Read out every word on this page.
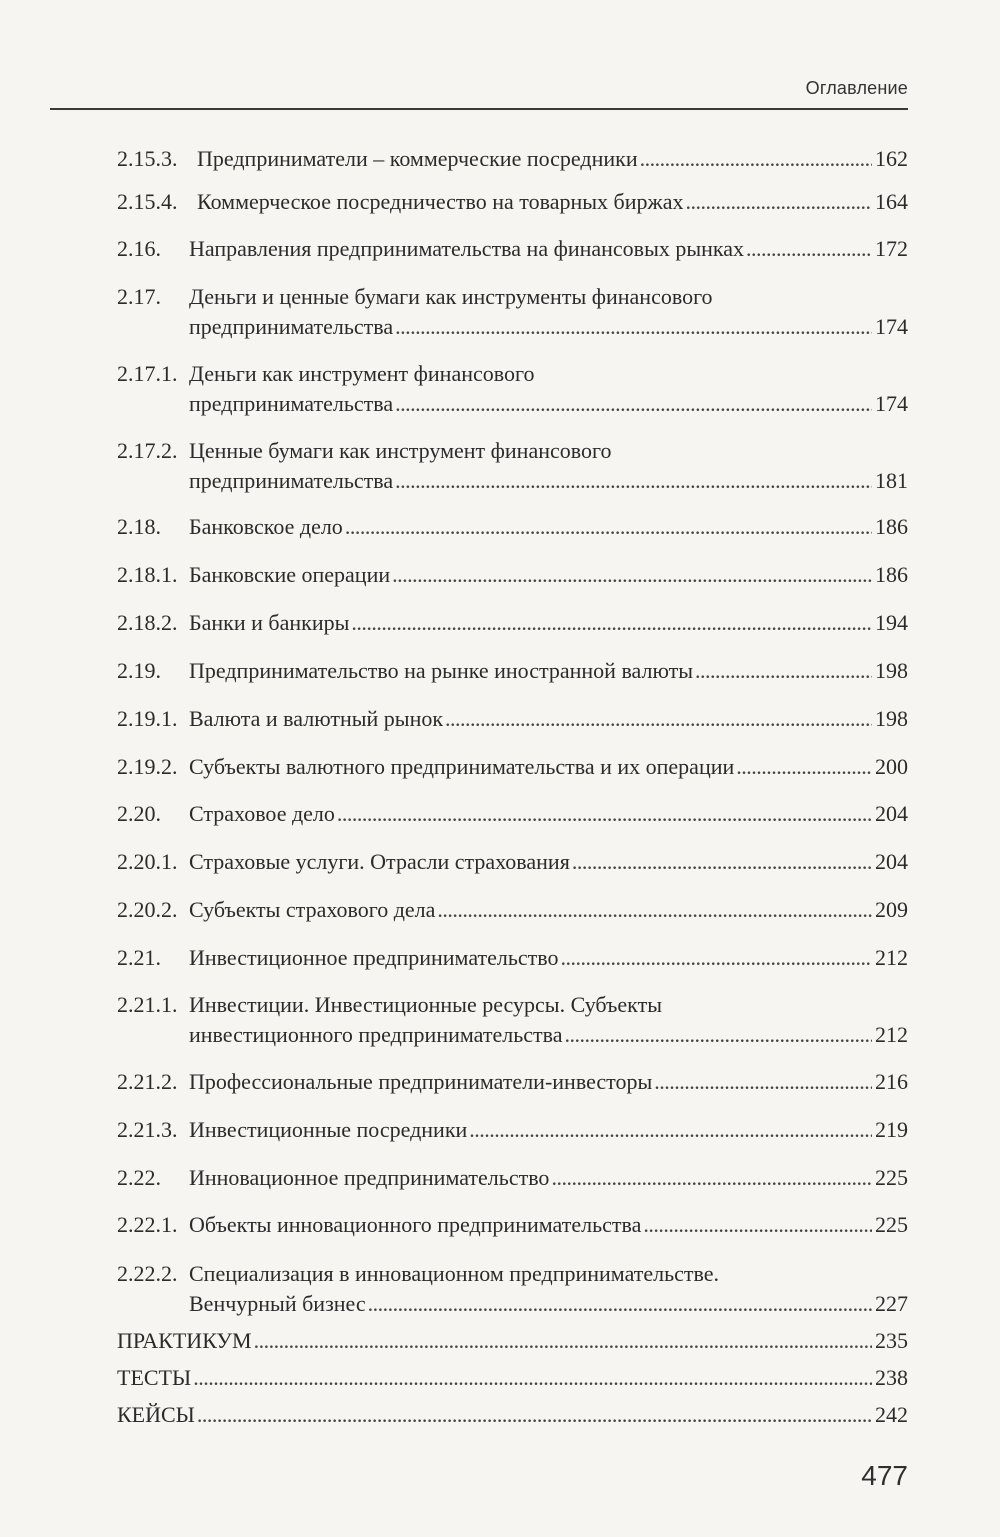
Оглавление
2.15.3. Предприниматели – коммерческие посредники . . .	162
2.15.4. Коммерческое посредничество на товарных биржах . . .	164
2.16.	Направления предпринимательства на финансовых рынках . . .	172
2.17.	Деньги и ценные бумаги как инструменты финансового
предпринимательства . . .	174
2.17.1. Деньги как инструмент финансового
предпринимательства . . .	174
2.17.2. Ценные бумаги как инструмент финансового
предпринимательства . . .	181
2.18.	Банковское дело . . .	186
2.18.1. Банковские операции . . .	186
2.18.2. Банки и банкиры . . .	194
2.19.	Предпринимательство на рынке иностранной валюты . . .	198
2.19.1. Валюта и валютный рынок . . .	198
2.19.2. Субъекты валютного предпринимательства и их операции . . .	200
2.20.	Страховое дело . . .	204
2.20.1. Страховые услуги. Отрасли страхования . . .	204
2.20.2. Субъекты страхового дела . . .	209
2.21.	Инвестиционное предпринимательство . . .	212
2.21.1. Инвестиции. Инвестиционные ресурсы. Субъекты
инвестиционного предпринимательства . . .	212
2.21.2. Профессиональные предприниматели-инвесторы . . .	216
2.21.3. Инвестиционные посредники . . .	219
2.22.	Инновационное предпринимательство . . .	225
2.22.1. Объекты инновационного предпринимательства . . .	225
2.22.2. Специализация в инновационном предпринимательстве.
Венчурный бизнес . . .	227
ПРАКТИКУМ . . .	235
ТЕСТЫ . . .	238
КЕЙСЫ . . .	242
477
